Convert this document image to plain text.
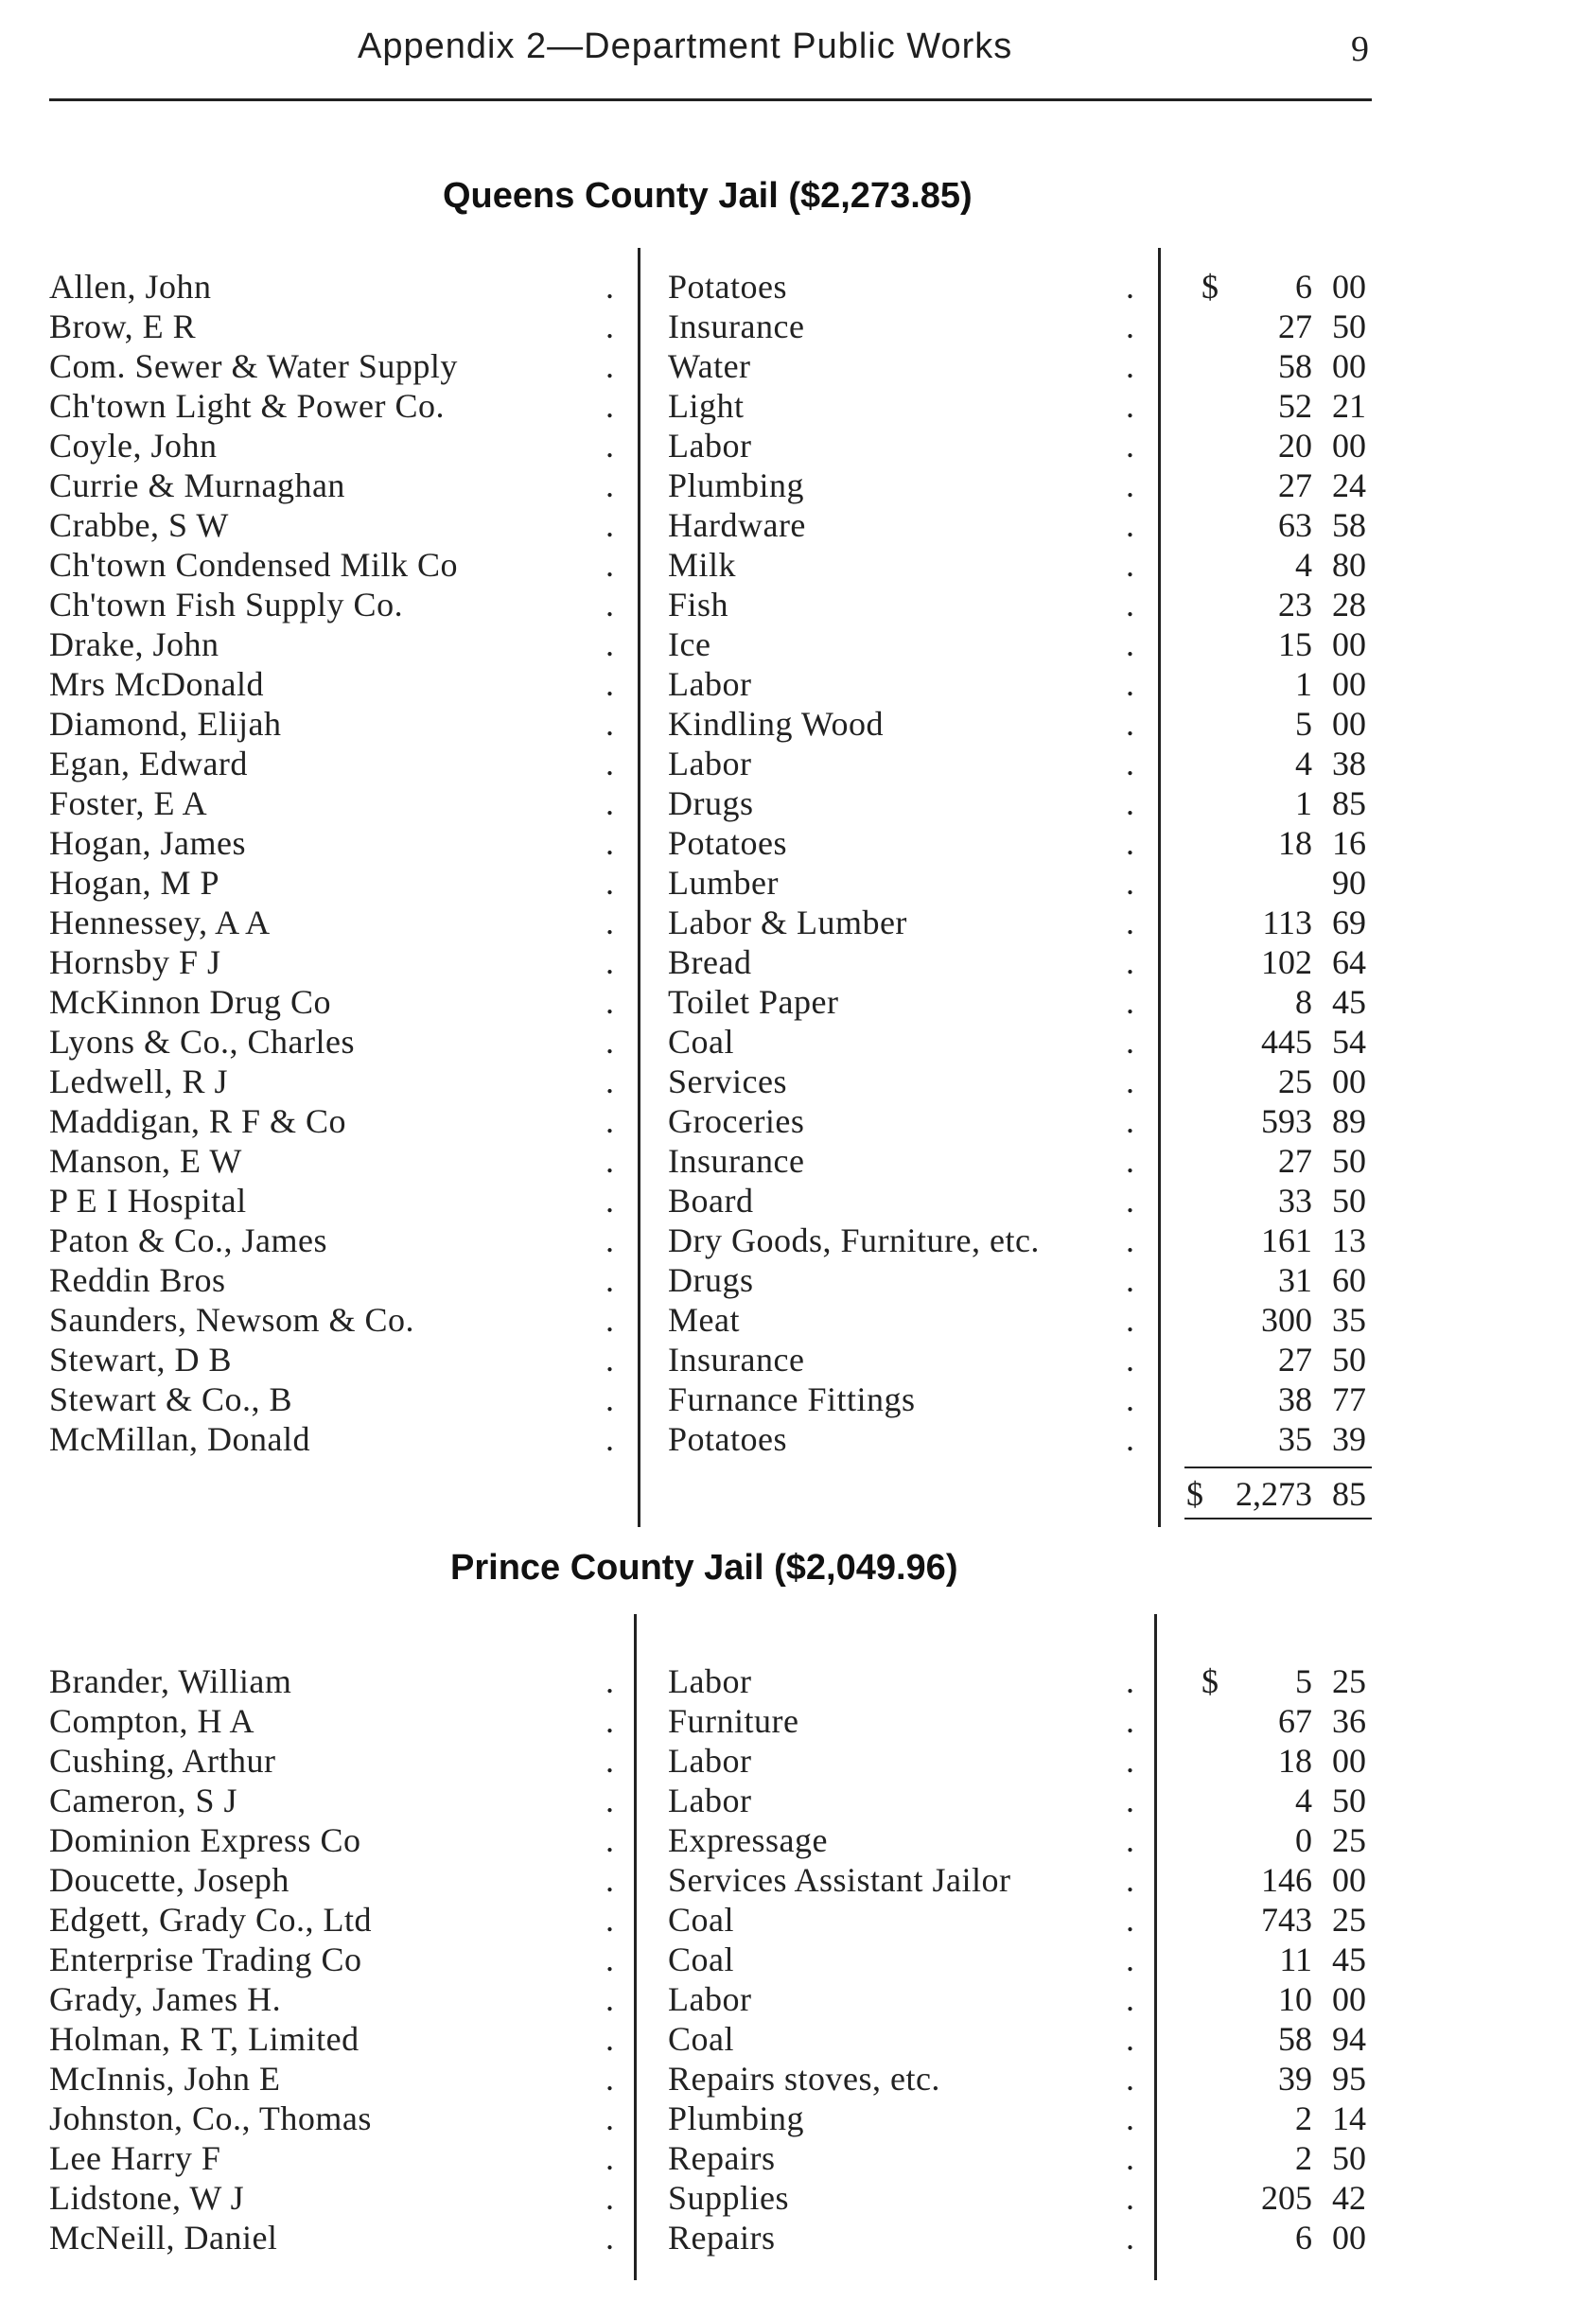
Appendix 2—Department Public Works	9
Queens County Jail ($2,273.85)
Allen, John	. Potatoes	. $	6 00
Brow, E R	. Insurance	.	27 50
Com. Sewer & Water Supply	. Water	.	58 00
Ch'town Light & Power Co.	. Light	.	52 21
Coyle, John	. Labor	.	20 00
Currie & Murnaghan	. Plumbing	.	27 24
Crabbe, S W	. Hardware	.	63 58
Ch'town Condensed Milk Co	. Milk	.	4 80
Ch'town Fish Supply Co.	. Fish	.	23 28
Drake, John	. Ice	.	15 00
Mrs McDonald	. Labor	.	1 00
Diamond, Elijah	. Kindling Wood	.	5 00
Egan, Edward	. Labor	.	4 38
Foster, E A	. Drugs	.	1 85
Hogan, James	. Potatoes	.	18 16
Hogan, M P	. Lumber	.	90
Hennessey, A A	. Labor & Lumber	.	113 69
Hornsby F J	. Bread	.	102 64
McKinnon Drug Co	. Toilet Paper	.	8 45
Lyons & Co., Charles	. Coal	.	445 54
Ledwell, R J	. Services	.	25 00
Maddigan, R F & Co	. Groceries	.	593 89
Manson, E W	. Insurance	.	27 50
P E I Hospital	. Board	.	33 50
Paton & Co., James	. Dry Goods, Furniture, etc.	.	161 13
Reddin Bros	. Drugs	.	31 60
Saunders, Newsom & Co.	. Meat	.	300 35
Stewart, D B	. Insurance	.	27 50
Stewart & Co., B	. Furnance Fittings	.	38 77
McMillan, Donald	. Potatoes	.	35 39
$ 2,273 85
Prince County Jail ($2,049.96)
Brander, William	. Labor	. $	5 25
Compton, H A	. Furniture	.	67 36
Cushing, Arthur	. Labor	.	18 00
Cameron, S J	. Labor	.	4 50
Dominion Express Co	. Expressage	.	0 25
Doucette, Joseph	. Services Assistant Jailor	.	146 00
Edgett, Grady Co., Ltd	. Coal	.	743 25
Enterprise Trading Co	. Coal	.	11 45
Grady, James H.	. Labor	.	10 00
Holman, R T, Limited	. Coal	.	58 94
McInnis, John E	. Repairs stoves, etc.	.	39 95
Johnston, Co., Thomas	. Plumbing	.	2 14
Lee Harry F	. Repairs	.	2 50
Lidstone, W J	. Supplies	.	205 42
McNeill, Daniel	. Repairs	.	6 00
